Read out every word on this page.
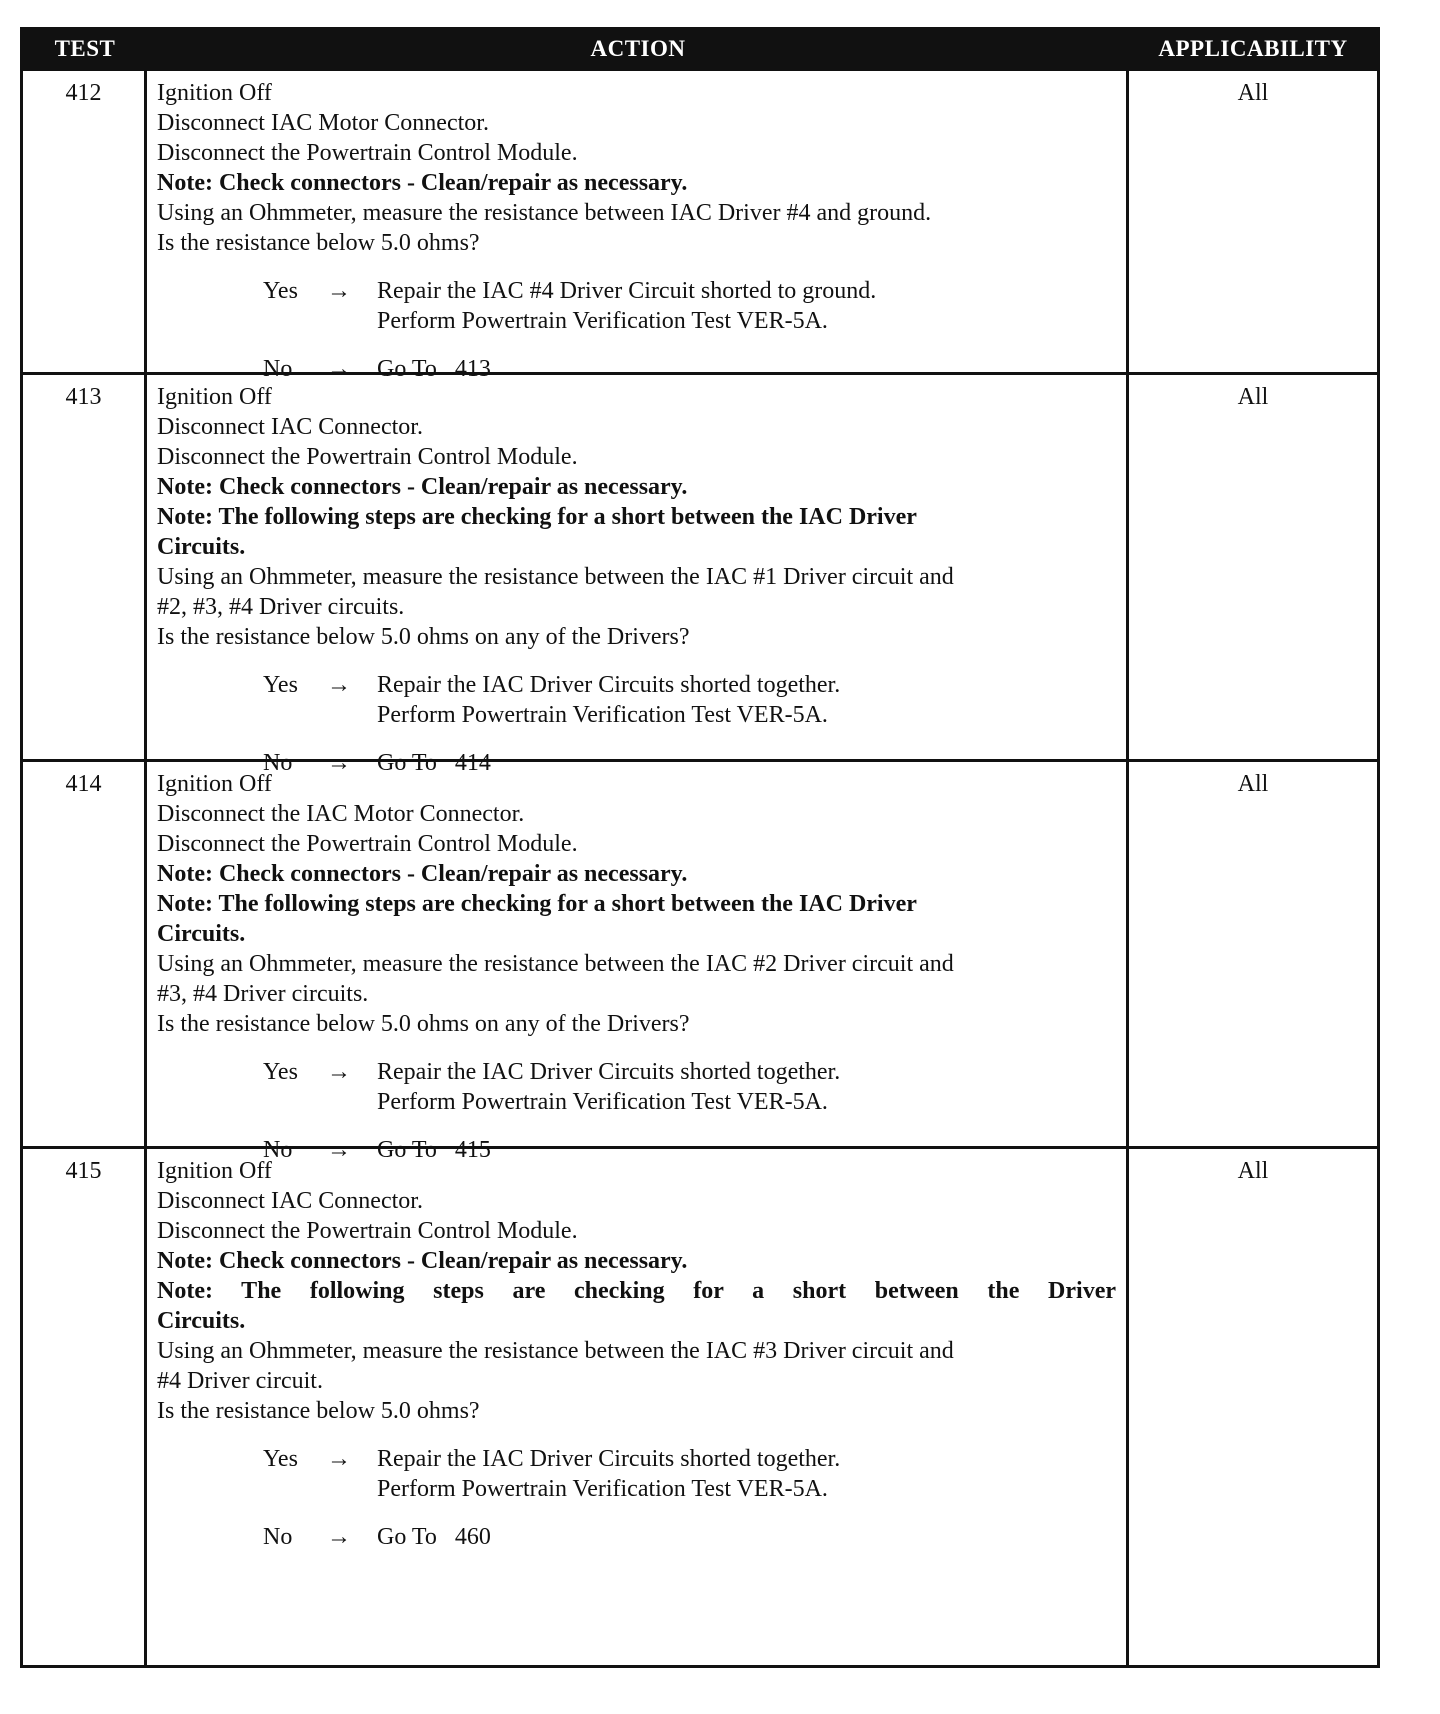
TEST	ACTION	APPLICABILITY
412	Ignition Off
Disconnect IAC Motor Connector.
Disconnect the Powertrain Control Module.
Note: Check connectors - Clean/repair as necessary.
Using an Ohmmeter, measure the resistance between IAC Driver #4 and ground.
Is the resistance below 5.0 ohms?
Yes → Repair the IAC #4 Driver Circuit shorted to ground.
Perform Powertrain Verification Test VER-5A.
No → Go To 413
All
413	Ignition Off
Disconnect IAC Connector.
Disconnect the Powertrain Control Module.
Note: Check connectors - Clean/repair as necessary.
Note: The following steps are checking for a short between the IAC Driver
Circuits.
Using an Ohmmeter, measure the resistance between the IAC #1 Driver circuit and
#2, #3, #4 Driver circuits.
Is the resistance below 5.0 ohms on any of the Drivers?
Yes → Repair the IAC Driver Circuits shorted together.
Perform Powertrain Verification Test VER-5A.
No → Go To 414
All
414	Ignition Off
Disconnect the IAC Motor Connector.
Disconnect the Powertrain Control Module.
Note: Check connectors - Clean/repair as necessary.
Note: The following steps are checking for a short between the IAC Driver
Circuits.
Using an Ohmmeter, measure the resistance between the IAC #2 Driver circuit and
#3, #4 Driver circuits.
Is the resistance below 5.0 ohms on any of the Drivers?
Yes → Repair the IAC Driver Circuits shorted together.
Perform Powertrain Verification Test VER-5A.
No → Go To 415
All
415	Ignition Off
Disconnect IAC Connector.
Disconnect the Powertrain Control Module.
Note: Check connectors - Clean/repair as necessary.
Note: The following steps are checking for a short between the Driver
Circuits.
Using an Ohmmeter, measure the resistance between the IAC #3 Driver circuit and
#4 Driver circuit.
Is the resistance below 5.0 ohms?
Yes → Repair the IAC Driver Circuits shorted together.
Perform Powertrain Verification Test VER-5A.
No → Go To 460
All
